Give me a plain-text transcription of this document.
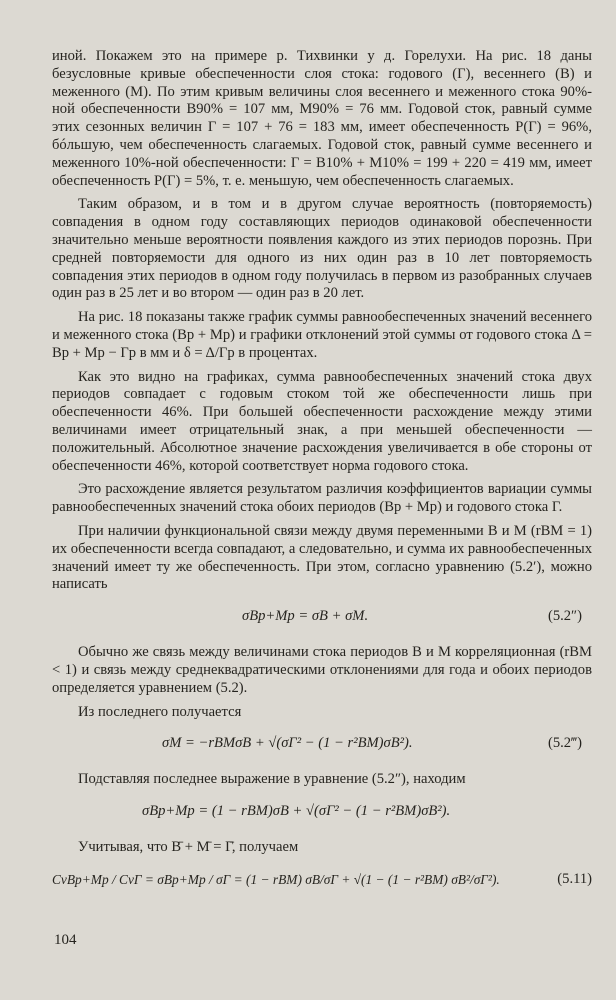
иной. Покажем это на примере р. Тихвинки у д. Горелухи. На рис. 18 даны безусловные кривые обеспеченности слоя стока: годового (Г), весеннего (В) и меженного (М). По этим кривым величины слоя весеннего и меженного стока 90%-ной обеспеченности В90% = 107 мм, М90% = 76 мм. Годовой сток, равный сумме этих сезонных величин Г = 107 + 76 = 183 мм, имеет обеспеченность P(Г) = 96%, бóльшую, чем обеспеченность слагаемых. Годовой сток, равный сумме весеннего и меженного 10%-ной обеспеченности: Г = В10% + М10% = 199 + 220 = 419 мм, имеет обеспеченность P(Г) = 5%, т. е. меньшую, чем обеспеченность слагаемых.

Таким образом, и в том и в другом случае вероятность (повторяемость) совпадения в одном году составляющих периодов одинаковой обеспеченности значительно меньше вероятности появления каждого из этих периодов порознь. При средней повторяемости для одного из них один раз в 10 лет повторяемость совпадения этих периодов в одном году получилась в первом из разобранных случаев один раз в 25 лет и во втором — один раз в 20 лет.

На рис. 18 показаны также график суммы равнообеспеченных значений весеннего и меженного стока (Вp + Мp) и графики отклонений этой суммы от годового стока Δ = Вp + Мp − Гp в мм и δ = Δ/Гp в процентах.

Как это видно на графиках, сумма равнообеспеченных значений стока двух периодов совпадает с годовым стоком той же обеспеченности лишь при обеспеченности 46%. При большей обеспеченности расхождение между этими величинами имеет отрицательный знак, а при меньшей обеспеченности — положительный. Абсолютное значение расхождения увеличивается в обе стороны от обеспеченности 46%, которой соответствует норма годового стока.

Это расхождение является результатом различия коэффициентов вариации суммы равнообеспеченных значений стока обоих периодов (Вp + Мp) и годового стока Г.

При наличии функциональной связи между двумя переменными В и М (rВМ = 1) их обеспеченности всегда совпадают, а следовательно, и сумма их равнообеспеченных значений имеет ту же обеспеченность. При этом, согласно уравнению (5.2′), можно написать

σВp+Мp = σВ + σМ.	(5.2″)

Обычно же связь между величинами стока периодов В и М корреляционная (rВМ < 1) и связь между среднеквадратическими отклонениями для года и обоих периодов определяется уравнением (5.2).

Из последнего получается

σМ = −rВМσВ + √(σГ² − (1 − r²ВМ)σВ²).	(5.2‴)

Подставляя последнее выражение в уравнение (5.2″), находим

σВp+Мp = (1 − rВМ)σВ + √(σГ² − (1 − r²ВМ)σВ²).

Учитывая, что В̄ + М̄ = Г̄, получаем

CvВp+Мp / CvГ = σВp+Мp / σГ = (1 − rВМ) σВ/σГ + √(1 − (1 − r²ВМ) σВ²/σГ²).	(5.11)
104
